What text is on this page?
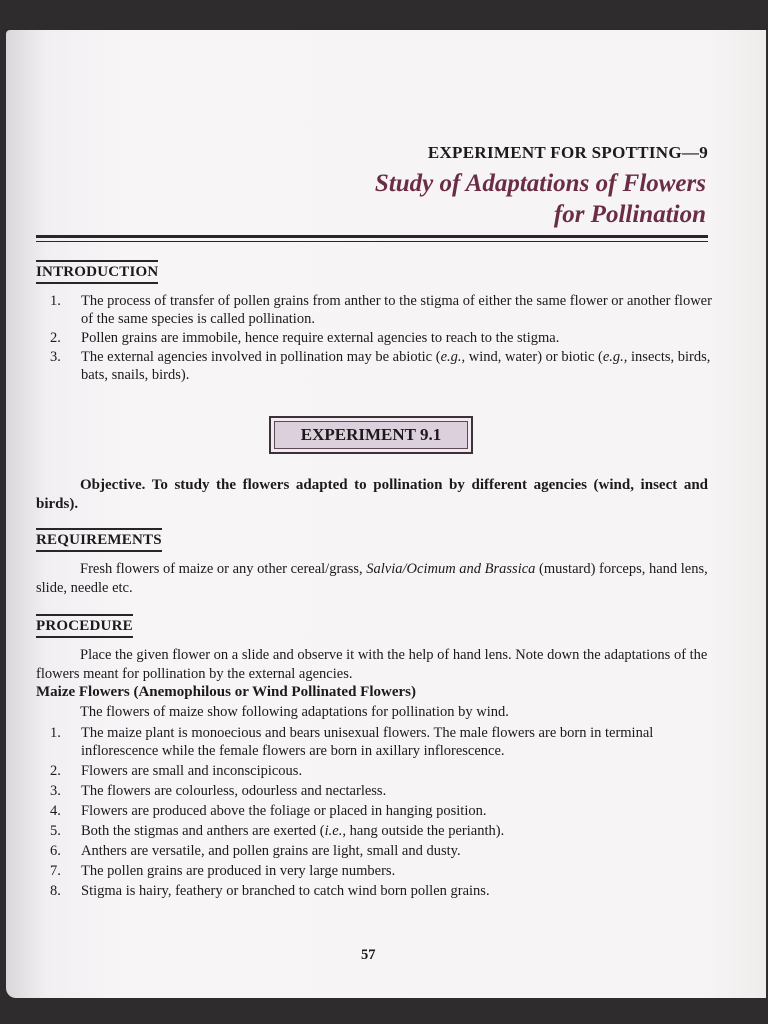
EXPERIMENT FOR SPOTTING—9
Study of Adaptations of Flowers
for Pollination
INTRODUCTION
1. The process of transfer of pollen grains from anther to the stigma of either the same flower or another flower of the same species is called pollination.
2. Pollen grains are immobile, hence require external agencies to reach to the stigma.
3. The external agencies involved in pollination may be abiotic (e.g., wind, water) or biotic (e.g., insects, birds, bats, snails, birds).
EXPERIMENT 9.1
Objective. To study the flowers adapted to pollination by different agencies (wind, insect and birds).
REQUIREMENTS
Fresh flowers of maize or any other cereal/grass, Salvia/Ocimum and Brassica (mustard) forceps, hand lens, slide, needle etc.
PROCEDURE
Place the given flower on a slide and observe it with the help of hand lens. Note down the adaptations of the flowers meant for pollination by the external agencies.
Maize Flowers (Anemophilous or Wind Pollinated Flowers)
The flowers of maize show following adaptations for pollination by wind.
1. The maize plant is monoecious and bears unisexual flowers. The male flowers are born in terminal inflorescence while the female flowers are born in axillary inflorescence.
2. Flowers are small and inconscipicous.
3. The flowers are colourless, odourless and nectarless.
4. Flowers are produced above the foliage or placed in hanging position.
5. Both the stigmas and anthers are exerted (i.e., hang outside the perianth).
6. Anthers are versatile, and pollen grains are light, small and dusty.
7. The pollen grains are produced in very large numbers.
8. Stigma is hairy, feathery or branched to catch wind born pollen grains.
57
